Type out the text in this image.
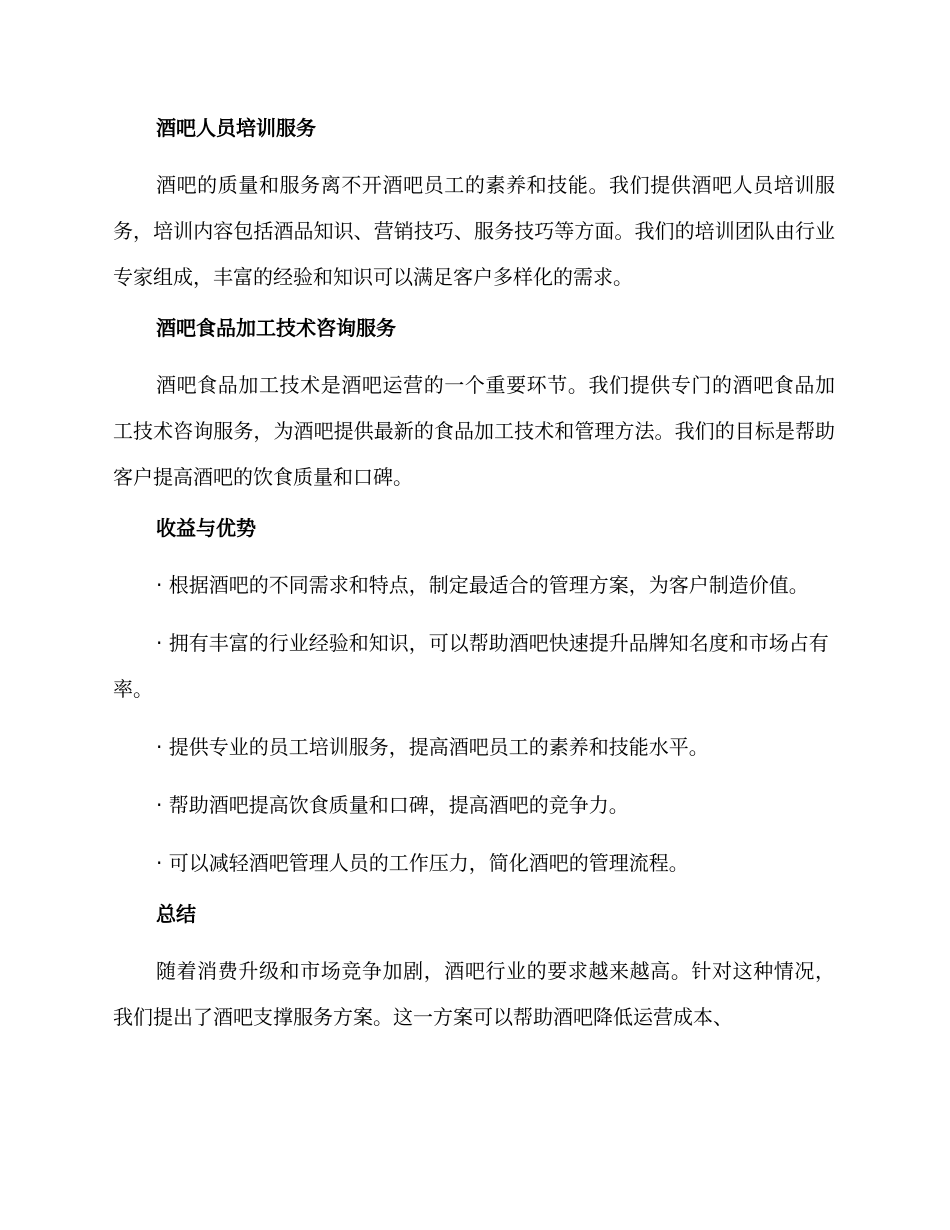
酒吧人员培训服务
酒吧的质量和服务离不开酒吧员工的素养和技能。我们提供酒吧人员培训服务，培训内容包括酒品知识、营销技巧、服务技巧等方面。我们的培训团队由行业专家组成，丰富的经验和知识可以满足客户多样化的需求。
酒吧食品加工技术咨询服务
酒吧食品加工技术是酒吧运营的一个重要环节。我们提供专门的酒吧食品加工技术咨询服务，为酒吧提供最新的食品加工技术和管理方法。我们的目标是帮助客户提高酒吧的饮食质量和口碑。
收益与优势
· 根据酒吧的不同需求和特点，制定最适合的管理方案，为客户制造价值。
· 拥有丰富的行业经验和知识，可以帮助酒吧快速提升品牌知名度和市场占有率。
· 提供专业的员工培训服务，提高酒吧员工的素养和技能水平。
· 帮助酒吧提高饮食质量和口碑，提高酒吧的竞争力。
· 可以减轻酒吧管理人员的工作压力，简化酒吧的管理流程。
总结
随着消费升级和市场竞争加剧，酒吧行业的要求越来越高。针对这种情况，我们提出了酒吧支撑服务方案。这一方案可以帮助酒吧降低运营成本、
